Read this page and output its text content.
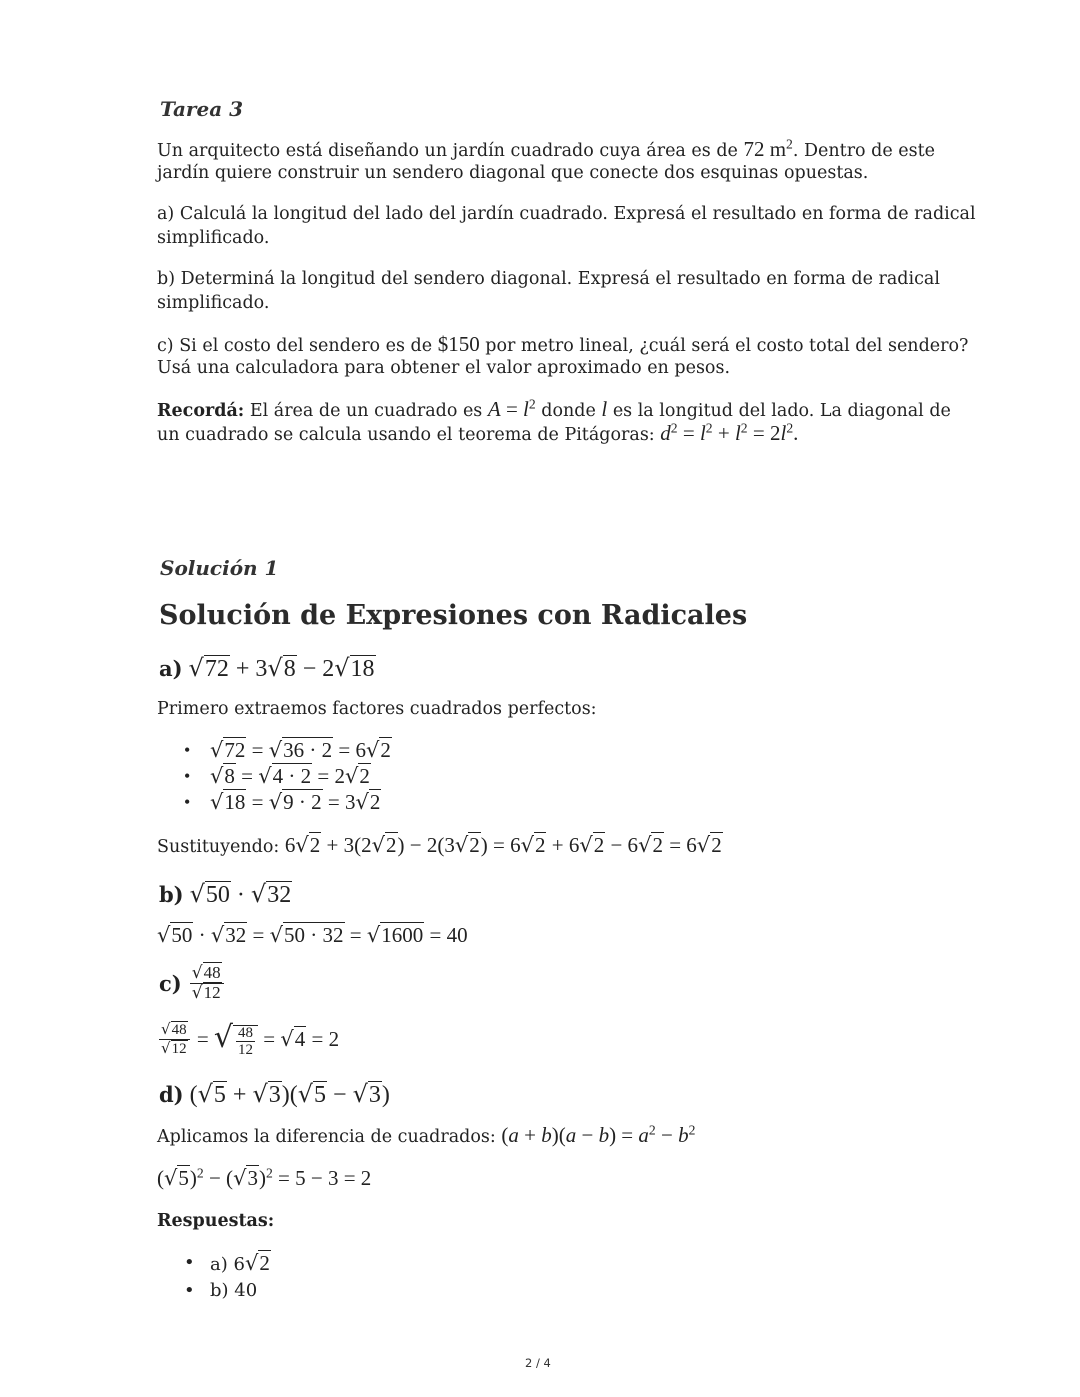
Tarea 3
Un arquitecto está diseñando un jardín cuadrado cuya área es de 72 $m^2$. Dentro de este
jardín quiere construir un sendero diagonal que conecte dos esquinas opuestas.
a) Calculá la longitud del lado del jardín cuadrado. Expresá el resultado en forma de radical
simplificado.
b) Determiná la longitud del sendero diagonal. Expresá el resultado en forma de radical
simplificado.
c) Si el costo del sendero es de $150 por metro lineal, ¿cuál será el costo total del sendero?
Usá una calculadora para obtener el valor aproximado en pesos.
Recordá: El área de un cuadrado es $A = l^2$ donde l es la longitud del lado. La diagonal de
un cuadrado se calcula usando el teorema de Pitágoras: $d^2 = l^2 + l^2 = 2l^2$.
Solución 1
Solución de Expresiones con Radicales
a) √72 + 3√8 − 2√18
Primero extraemos factores cuadrados perfectos:
• √72 = √36 · 2 = 6√2
• √8 = √4 · 2 = 2√2
• √18 = √9 · 2 = 3√2
Sustituyendo: 6√2 + 3(2√2) − 2(3√2) = 6√2 + 6√2 − 6√2 = 6√2
b) √50 · √32
√50 · √32 = √50 · 32 = √1600 = 40
$c) \frac{√48}{√12}$
$\frac{√48}{√12}$ = √ $\frac{48}{12} = √4 = 2$
d) (√5 + √3)(√5 − √3)
Aplicamos la diferencia de cuadrados: $(a + b)(a - b) = a^2 - b^2$
$(√5)^2 - (√3)^2 = 5 - 3 = 2$
Respuestas:
• a) 6√2
• b) 40
2 / 4
